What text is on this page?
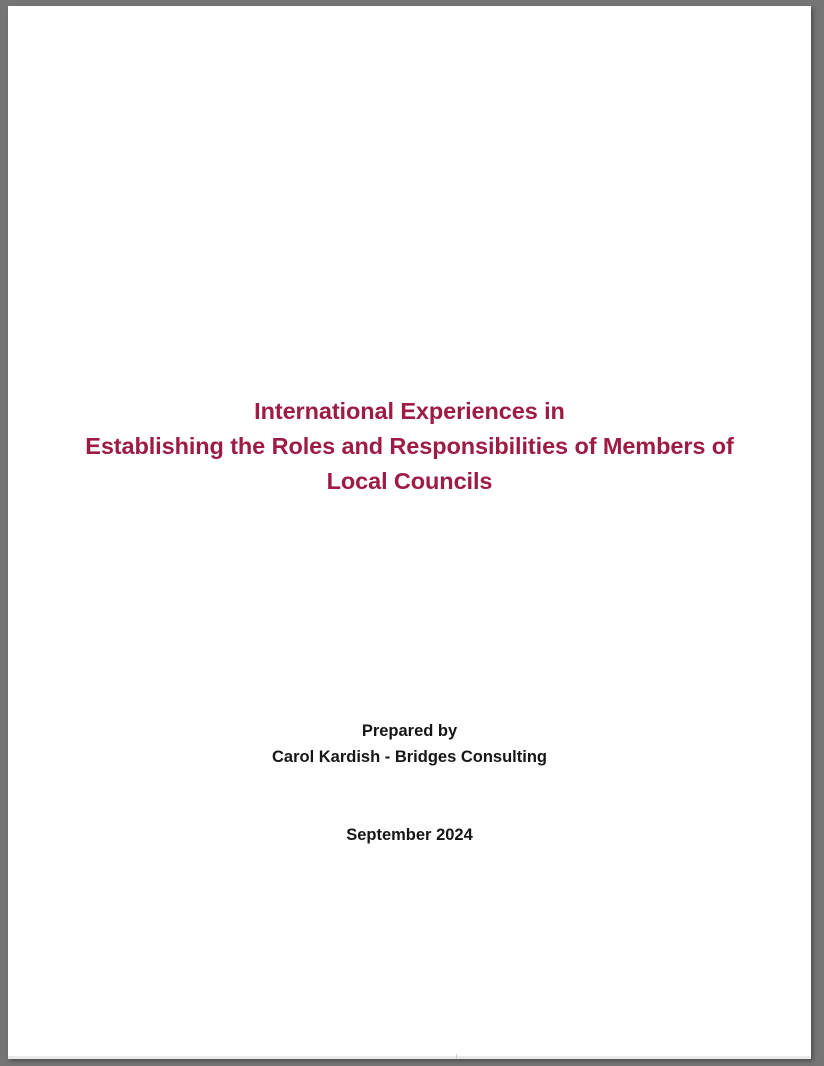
International Experiences in
Establishing the Roles and Responsibilities of Members of
Local Councils

Prepared by

Carol Kardish - Bridges Consulting

September 2024
